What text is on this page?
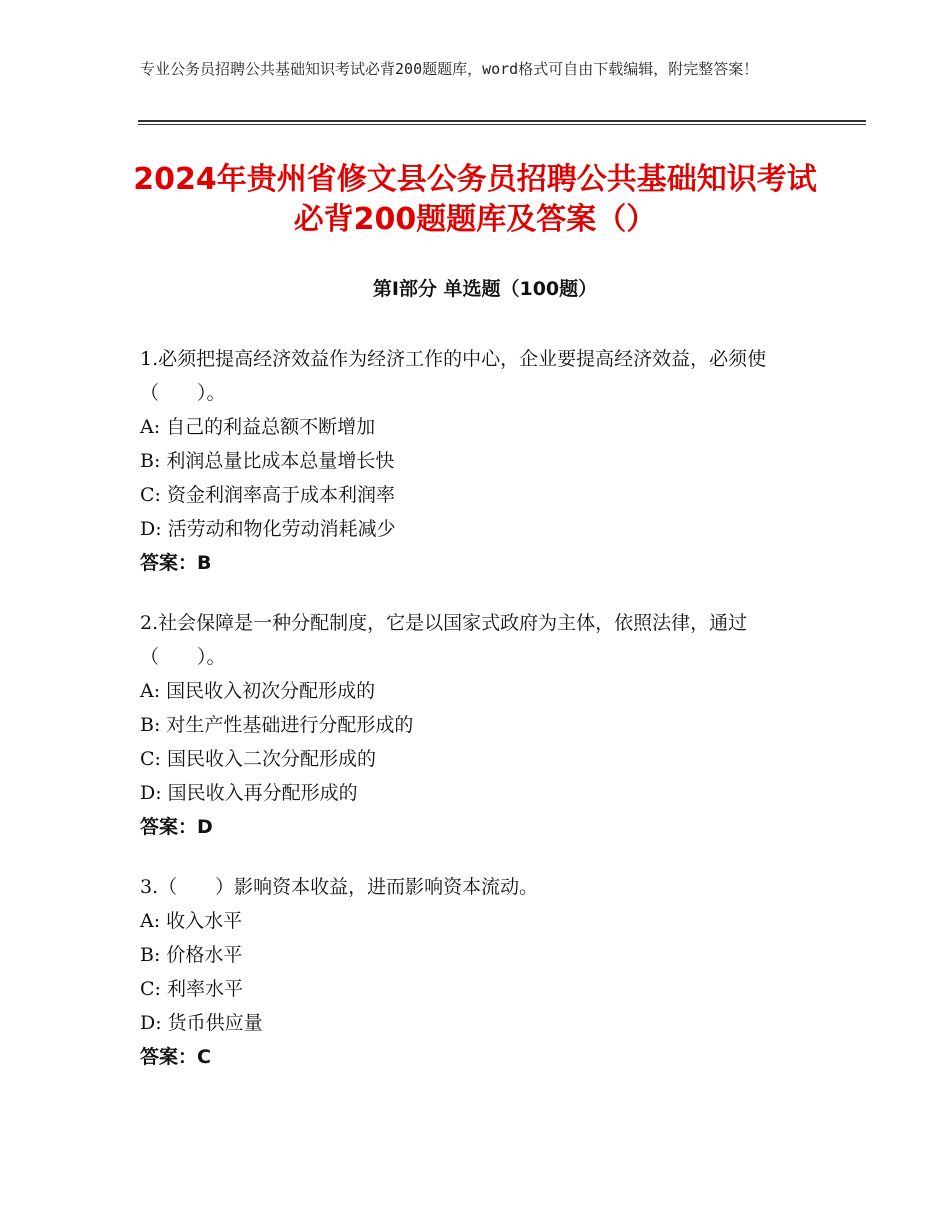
专业公务员招聘公共基础知识考试必背200题题库，word格式可自由下载编辑，附完整答案！
2024年贵州省修文县公务员招聘公共基础知识考试必背200题题库及答案（）
第Ⅰ部分 单选题（100题）
1.必须把提高经济效益作为经济工作的中心，企业要提高经济效益，必须使（　　）。
A: 自己的利益总额不断增加
B: 利润总量比成本总量增长快
C: 资金利润率高于成本利润率
D: 活劳动和物化劳动消耗减少
答案：B
2.社会保障是一种分配制度，它是以国家式政府为主体，依照法律，通过（　　）。
A: 国民收入初次分配形成的
B: 对生产性基础进行分配形成的
C: 国民收入二次分配形成的
D: 国民收入再分配形成的
答案：D
3.（　　）影响资本收益，进而影响资本流动。
A: 收入水平
B: 价格水平
C: 利率水平
D: 货币供应量
答案：C
